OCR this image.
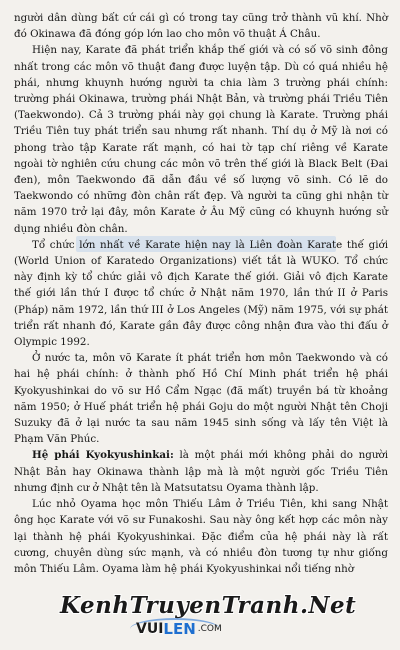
người dân dùng bất cứ cái gì có trong tay cũng trở thành vũ khí. Nhờ đó Okinawa đã đóng góp lớn lao cho môn võ thuật Á Châu.

Hiện nay, Karate đã phát triển khắp thế giới và có số võ sinh đông nhất trong các môn võ thuật đang được luyện tập. Dù có quá nhiều hệ phái, nhưng khuynh hướng người ta chia làm 3 trường phái chính: trường phái Okinawa, trường phái Nhật Bản, và trường phái Triều Tiên (Taekwondo). Cả 3 trường phái này gọi chung là Karate. Trường phái Triều Tiên tuy phát triển sau nhưng rất nhanh. Thí dụ ở Mỹ là nơi có phong trào tập Karate rất mạnh, có hai tờ tạp chí riêng về Karate ngoài tờ nghiên cứu chung các môn võ trên thế giới là Black Belt (Đai đen), môn Taekwondo đã dẫn đầu về số lượng võ sinh. Có lẽ do Taekwondo có những đòn chân rất đẹp. Và người ta cũng ghi nhận từ năm 1970 trở lại đây, môn Karate ở Âu Mỹ cũng có khuynh hướng sử dụng nhiều đòn chân.

Tổ chức lớn nhất về Karate hiện nay là Liên đoàn Karate thế giới (World Union of Karatedo Organizations) viết tắt là WUKO. Tổ chức này định kỳ tổ chức giải vô địch Karate thế giới. Giải vô địch Karate thế giới lần thứ I được tổ chức ở Nhật năm 1970, lần thứ II ở Paris (Pháp) năm 1972, lần thứ III ở Los Angeles (Mỹ) năm 1975, với sự phát triển rất nhanh đó, Karate gần đây được công nhận đưa vào thi đấu ở Olympic 1992.

Ở nước ta, môn võ Karate ít phát triển hơn môn Taekwondo và có hai hệ phái chính: ở thành phố Hồ Chí Minh phát triển hệ phái Kyokyushinkai do võ sư Hồ Cẩm Ngạc (đã mất) truyền bá từ khoảng năm 1950; ở Huế phát triển hệ phái Goju do một người Nhật tên Choji Suzuky đã ở lại nước ta sau năm 1945 sinh sống và lấy tên Việt là Phạm Văn Phúc.

Hệ phái Kyokyushinkai: là một phái mới không phải do người Nhật Bản hay Okinawa thành lập mà là một người gốc Triều Tiên nhưng định cư ở Nhật tên là Matsutatsu Oyama thành lập.

Lúc nhỏ Oyama học môn Thiếu Lâm ở Triều Tiên, khi sang Nhật ông học Karate với võ sư Funakoshi. Sau này ông kết hợp các môn này lại thành hệ phái Kyokyushinkai. Đặc điểm của hệ phái này là rất cương, chuyên dùng sức mạnh, và có nhiều đòn tương tự như giống môn Thiếu Lâm. Oyama làm hệ phái Kyokyushinkai nổi tiếng nhờ

KenhTruyenTranh.Net
VUI LEN .COM
